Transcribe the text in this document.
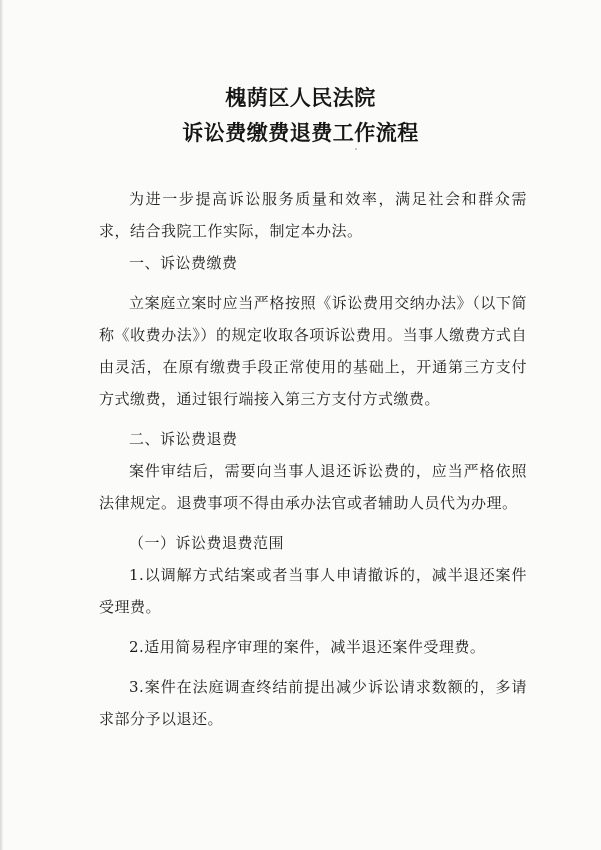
槐荫区人民法院
诉讼费缴费退费工作流程

为进一步提高诉讼服务质量和效率，满足社会和群众需求，结合我院工作实际，制定本办法。

一、诉讼费缴费

立案庭立案时应当严格按照《诉讼费用交纳办法》（以下简称《收费办法》）的规定收取各项诉讼费用。当事人缴费方式自由灵活，在原有缴费手段正常使用的基础上，开通第三方支付方式缴费，通过银行端接入第三方支付方式缴费。

二、诉讼费退费

案件审结后，需要向当事人退还诉讼费的，应当严格依照法律规定。退费事项不得由承办法官或者辅助人员代为办理。

（一）诉讼费退费范围

1.以调解方式结案或者当事人申请撤诉的，减半退还案件受理费。

2.适用简易程序审理的案件，减半退还案件受理费。

3.案件在法庭调查终结前提出减少诉讼请求数额的，多请求部分予以退还。
